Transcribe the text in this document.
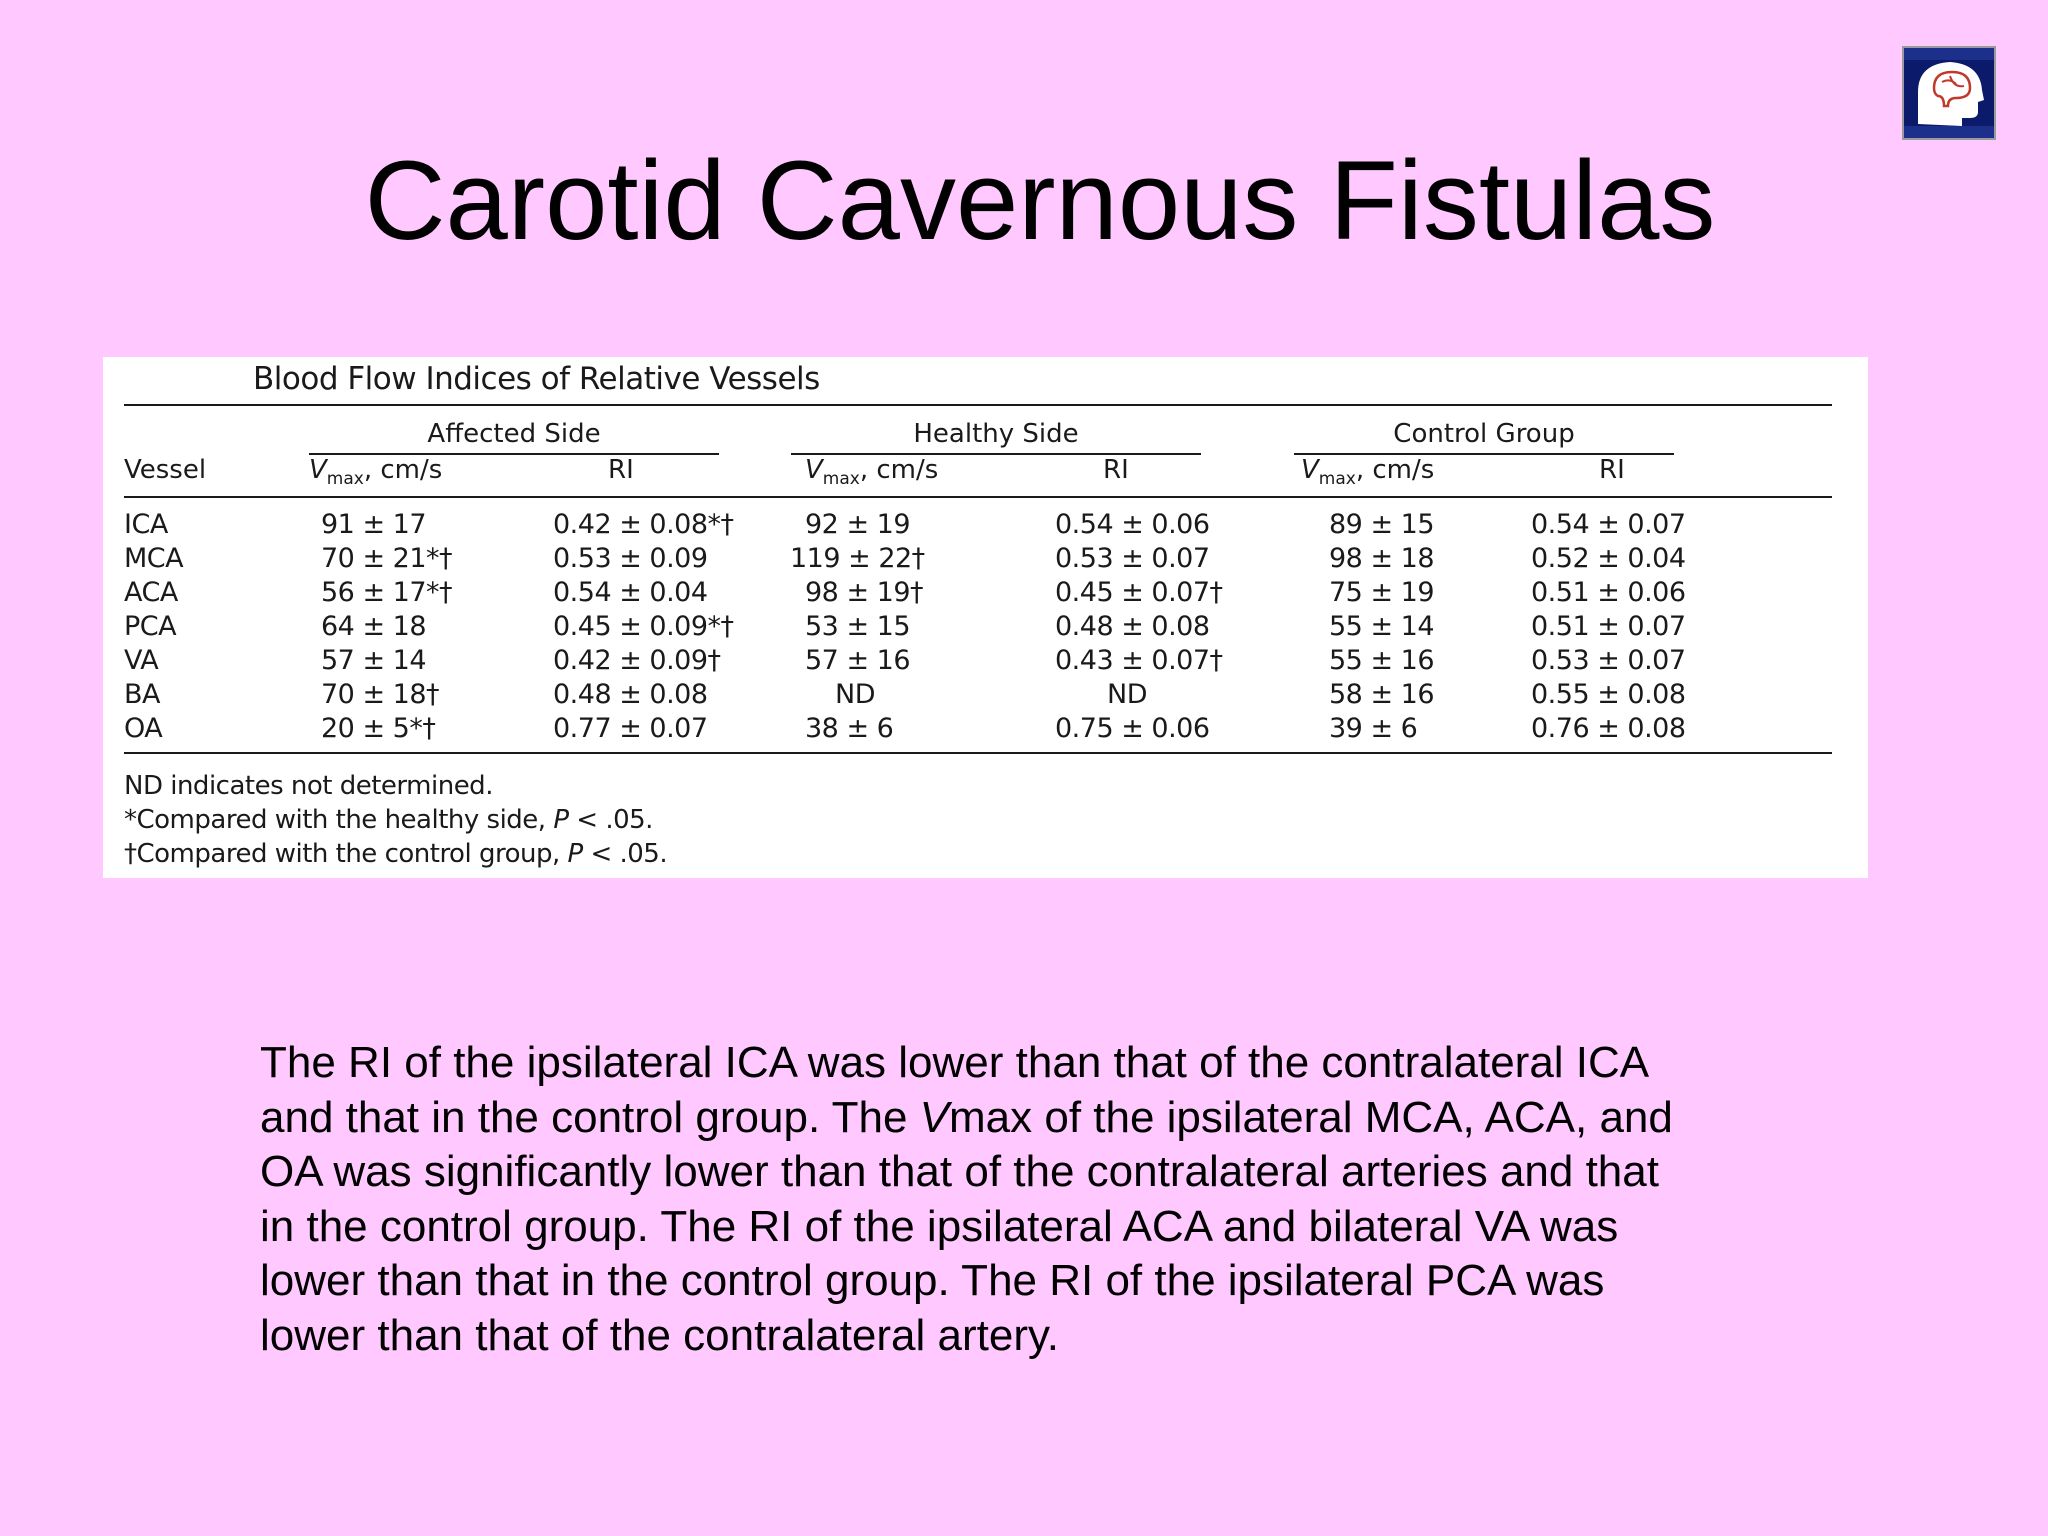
Carotid Cavernous Fistulas
Blood Flow Indices of Relative Vessels
Affected Side	Healthy Side	Control Group
Vessel	$V_{max}$, cm/s	RI	$V_{max}$, cm/s	RI	$V_{max}$, cm/s	RI
ICA	91 ± 17	0.42 ± 0.08*†	92 ± 19	0.54 ± 0.06	89 ± 15	0.54 ± 0.07
MCA	70 ± 21*†	0.53 ± 0.09	119 ± 22†	0.53 ± 0.07	98 ± 18	0.52 ± 0.04
ACA	56 ± 17*†	0.54 ± 0.04	98 ± 19†	0.45 ± 0.07†	75 ± 19	0.51 ± 0.06
PCA	64 ± 18	0.45 ± 0.09*†	53 ± 15	0.48 ± 0.08	55 ± 14	0.51 ± 0.07
VA	57 ± 14	0.42 ± 0.09†	57 ± 16	0.43 ± 0.07†	55 ± 16	0.53 ± 0.07
BA	70 ± 18†	0.48 ± 0.08	ND	ND	58 ± 16	0.55 ± 0.08
OA	20 ± 5*†	0.77 ± 0.07	38 ± 6	0.75 ± 0.06	39 ± 6	0.76 ± 0.08
ND indicates not determined.
*Compared with the healthy side, P < .05.
†Compared with the control group, P < .05.
The RI of the ipsilateral ICA was lower than that of the contralateral ICA
and that in the control group. The Vmax of the ipsilateral MCA, ACA, and
OA was significantly lower than that of the contralateral arteries and that
in the control group. The RI of the ipsilateral ACA and bilateral VA was
lower than that in the control group. The RI of the ipsilateral PCA was
lower than that of the contralateral artery.
